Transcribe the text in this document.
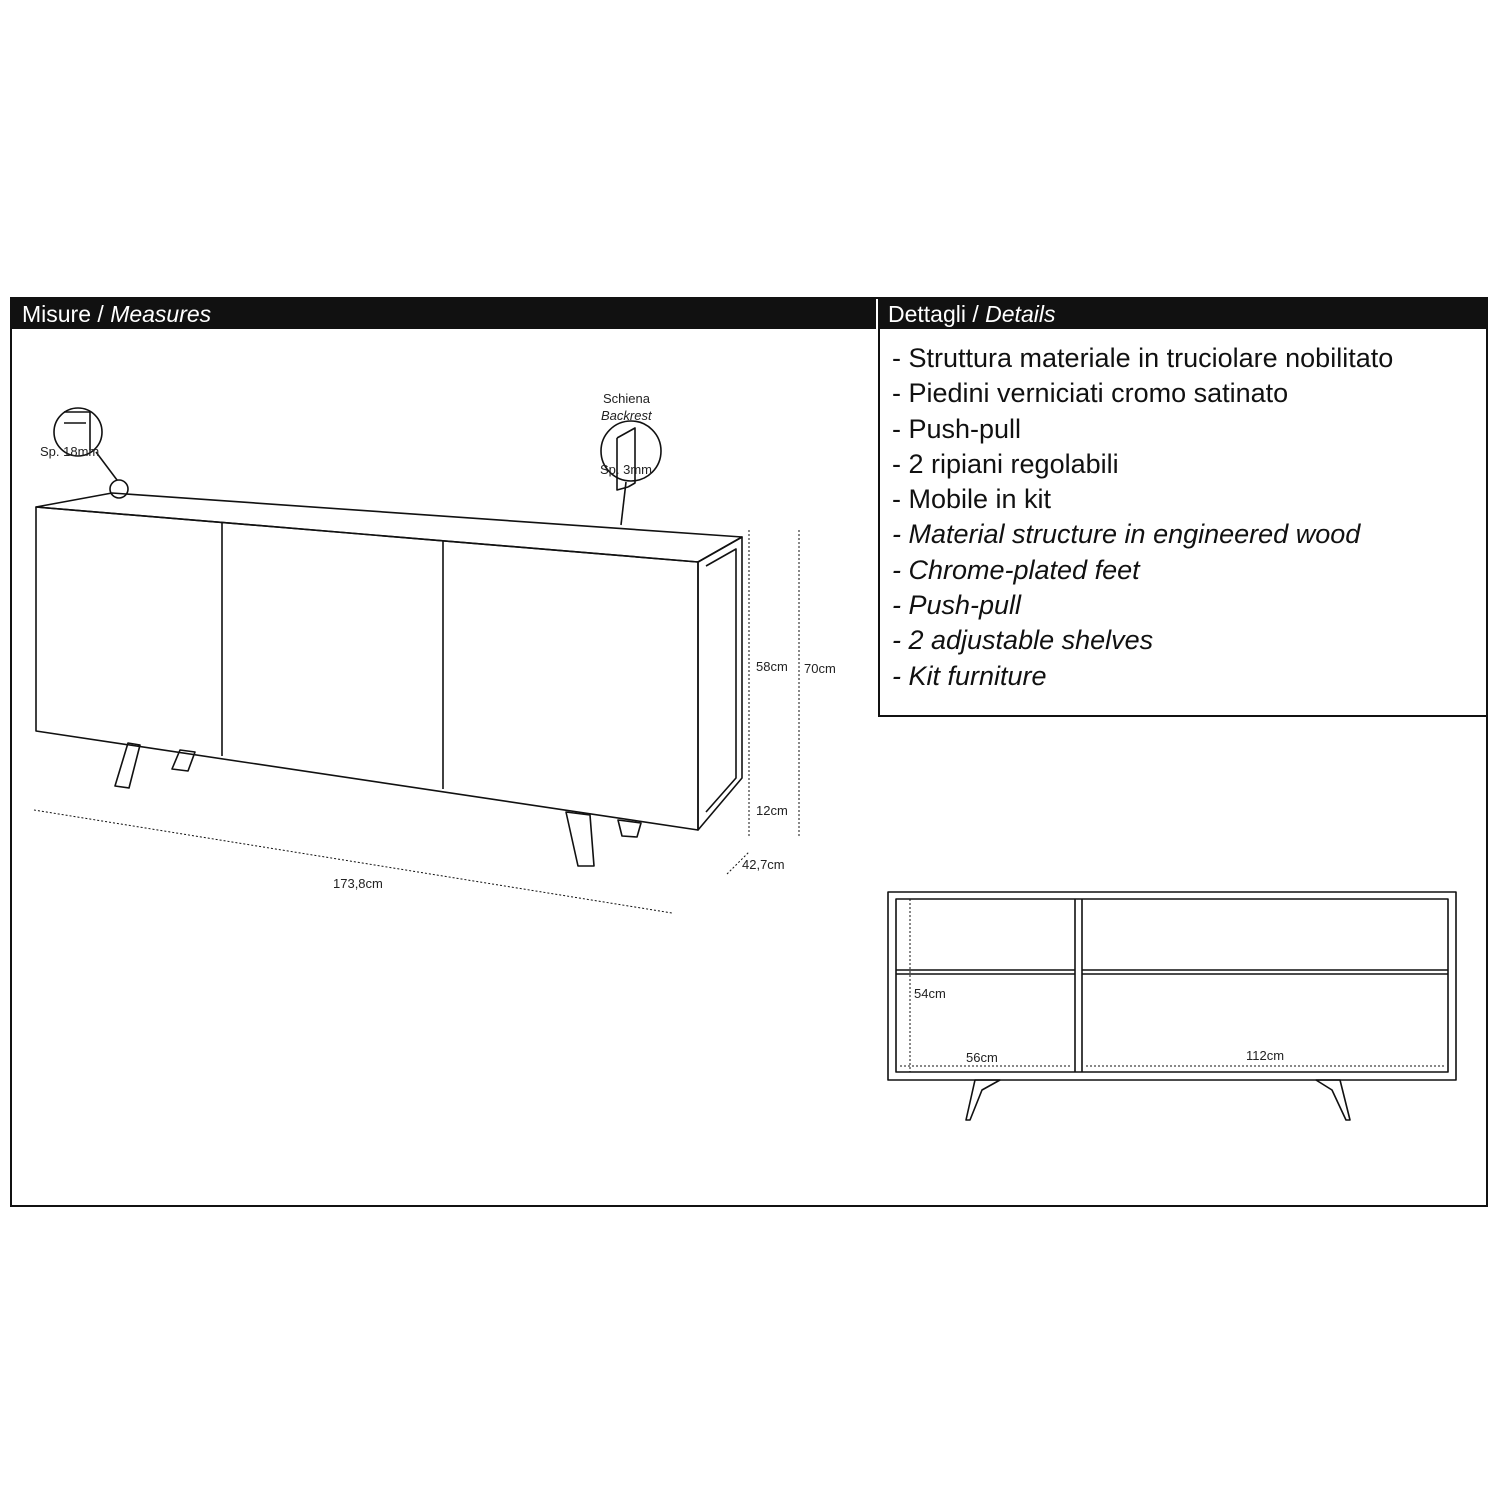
Misure / Measures	Dettagli / Details
- Struttura materiale in truciolare nobilitato
- Piedini verniciati cromo satinato
- Push-pull
- 2 ripiani regolabili
- Mobile in kit
- Material structure in engineered wood
- Chrome-plated feet
- Push-pull
- 2 adjustable shelves
- Kit furniture
Sp. 18mm
Schiena
Backrest
Sp. 3mm
58cm 70cm
12cm
42,7cm
173,8cm
54cm
56cm	112cm
